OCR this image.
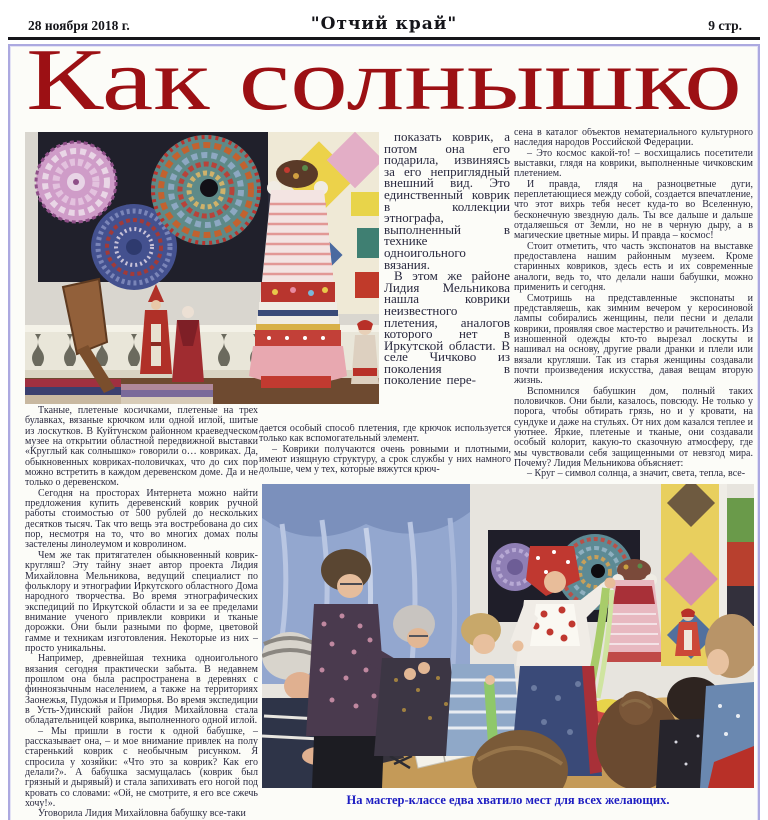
28 ноября 2018 г.	"Отчий край"	9 стр.
Как солнышко

Тканые, плетеные косичками, плетеные на трех булавках, вязаные крючком или одной иглой, шитые из лоскутков. В Куйтунском районном краеведческом музее на открытии областной передвижной выставки «Круглый как солнышко» говорили о… ковриках. Да, обыкновенных ковриках-половичках, что до сих пор можно встретить в каждом деревенском доме. Да и не только о деревенском.

Сегодня на просторах Интернета можно найти предложения купить деревенский коврик ручной работы стоимостью от 500 рублей до нескольких десятков тысяч. Так что вещь эта востребована до сих пор, несмотря на то, что во многих домах полы застелены линолеумом и ковролином.

Чем же так притягателен обыкновенный коврик-кругляш? Эту тайну знает автор проекта Лидия Михайловна Мельникова, ведущий специалист по фольклору и этнографии Иркутского областного Дома народного творчества. Во время этнографических экспедиций по Иркутской области и за ее пределами внимание ученого привлекли коврики и тканые дорожки. Они были разными по форме, цветовой гамме и техникам изготовления. Некоторые из них – просто уникальны.

Например, древнейшая техника одноигольного вязания сегодня практически забыта. В недавнем прошлом она была распространена в деревнях с финноязычным населением, а также на территориях Заонежья, Пудожья и Приморья. Во время экспедиции в Усть-Удинский район Лидия Михайловна стала обладательницей коврика, выполненного одной иглой.

– Мы пришли в гости к одной бабушке, – рассказывает она, – и мое внимание привлек на полу старенький коврик с необычным рисунком. Я спросила у хозяйки: «Что это за коврик? Как его делали?». А бабушка засмущалась (коврик был грязный и дырявый) и стала запихивать его ногой под кровать со словами: «Ой, не смотрите, я его все сжечь хочу!».

Уговорила Лидия Михайловна бабушку все-таки

показать коврик, а потом она его подарила, извиняясь за его неприглядный внешний вид. Это единственный коврик в коллекции этнографа, выполненный в технике одноигольного вязания.

В этом же районе Лидия Мельникова нашла коврики неизвестного плетения, аналогов которого нет в Иркутской области. В селе Чичково из поколения в поколение пере-

дается особый способ плетения, где крючок используется только как вспомогательный элемент.

– Коврики получаются очень ровными и плотными, имеют изящную структуру, а срок службы у них намного дольше, чем у тех, которые вяжутся крюч-

сена в каталог объектов нематериального культурного наследия народов Российской Федерации.

– Это космос какой-то! – восхищались посетители выставки, глядя на коврики, выполненные чичковским плетением.

И правда, глядя на разноцветные дуги, переплетающиеся между собой, создается впечатление, что этот вихрь тебя несет куда-то во Вселенную, бесконечную звездную даль. Ты все дальше и дальше отдаляешься от Земли, но не в черную дыру, а в магические цветные миры. И правда – космос!

Стоит отметить, что часть экспонатов на выставке предоставлена нашим районным музеем. Кроме старинных ковриков, здесь есть и их современные аналоги, ведь то, что делали наши бабушки, можно применить и сегодня.

Смотришь на представленные экспонаты и представляешь, как зимним вечером у керосиновой лампы собирались женщины, пели песни и делали коврики, проявляя свое мастерство и рачительность. Из изношенной одежды кто-то вырезал лоскуты и нашивал на основу, другие рвали дранки и плели или вязали кругляши. Так из старья женщины создавали почти произведения искусства, давая вещам вторую жизнь.

Вспомнился бабушкин дом, полный таких половичков. Они были, казалось, повсюду. Не только у порога, чтобы обтирать грязь, но и у кровати, на сундуке и даже на стульях. От них дом казался теплее и уютнее. Яркие, плетеные и тканые, они создавали особый колорит, какую-то сказочную атмосферу, где мы чувствовали себя защищенными от невзгод мира. Почему? Лидия Мельникова объясняет:

– Круг – символ солнца, а значит, света, тепла, все-

На мастер-классе едва хватило мест для всех желающих.
